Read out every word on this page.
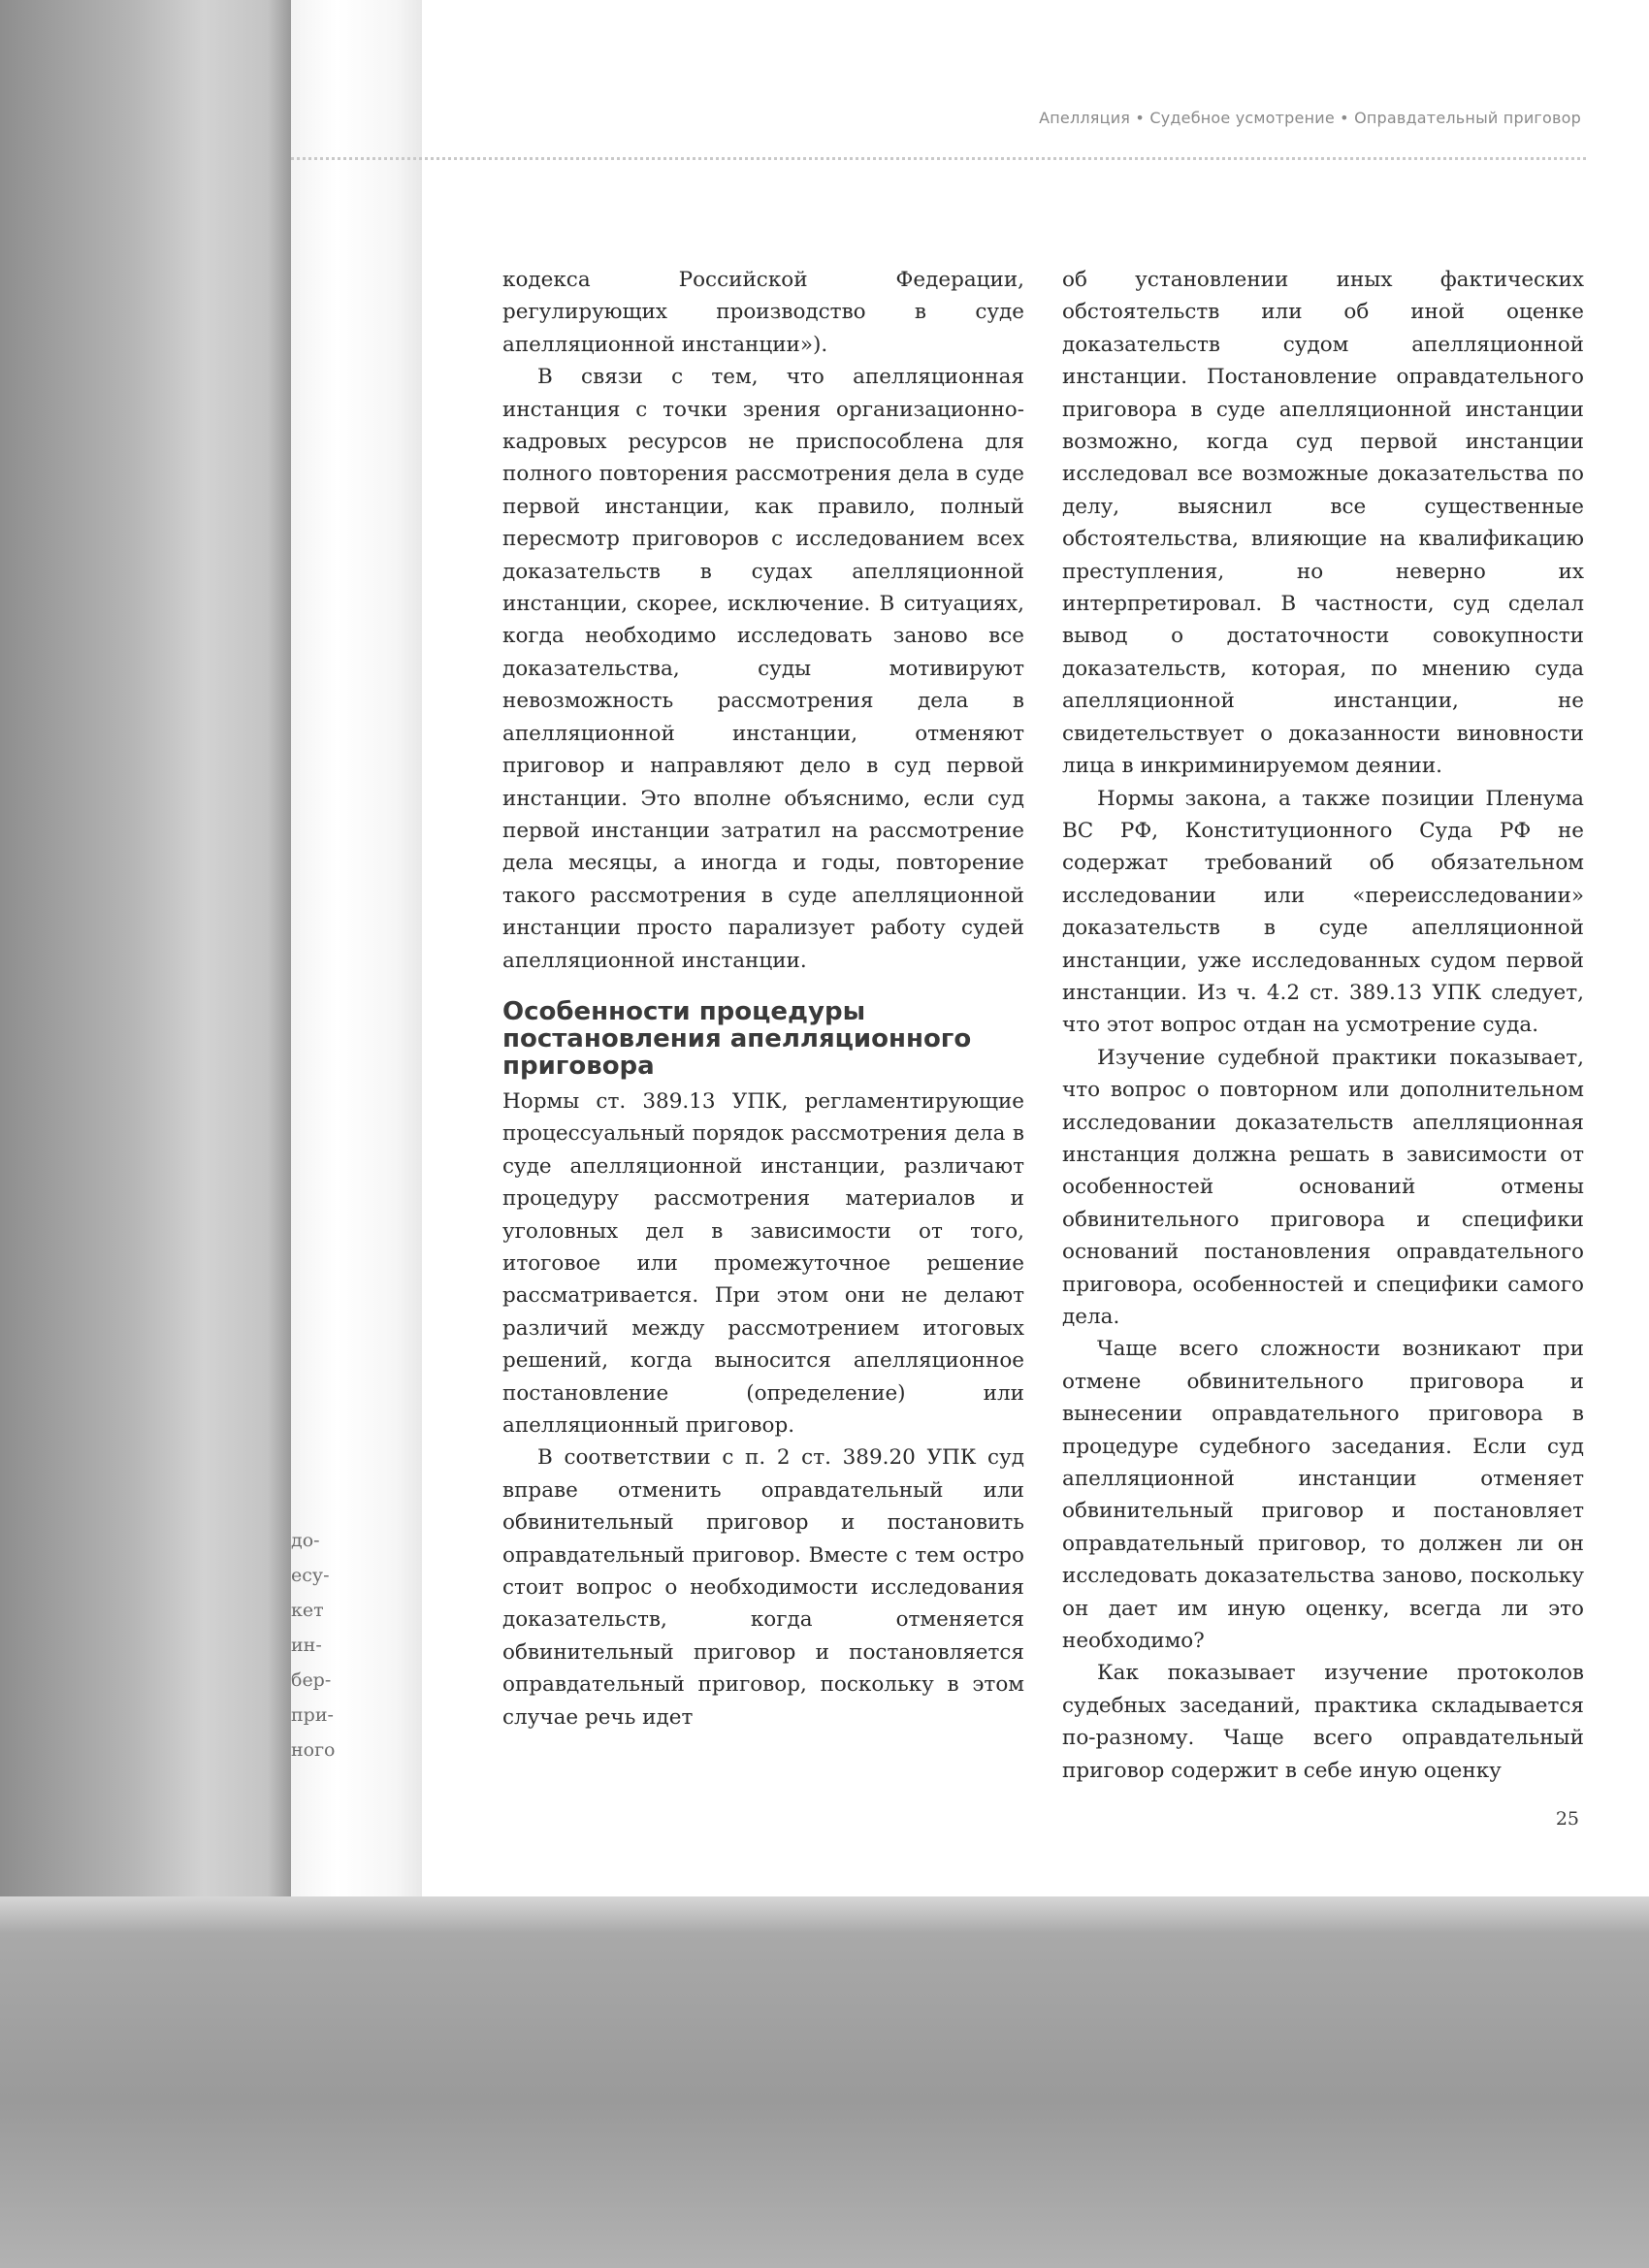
до-
есу-
кет
ин-
бер-
при-
ного
Апелляция • Судебное усмотрение • Оправдательный приговор

кодекса Российской Федерации, регулирующих производство в суде апелляционной инстанции»).

В связи с тем, что апелляционная инстанция с точки зрения организационно-кадровых ресурсов не приспособлена для полного повторения рассмотрения дела в суде первой инстанции, как правило, полный пересмотр приговоров с исследованием всех доказательств в судах апелляционной инстанции, скорее, исключение. В ситуациях, когда необходимо исследовать заново все доказательства, суды мотивируют невозможность рассмотрения дела в апелляционной инстанции, отменяют приговор и направляют дело в суд первой инстанции. Это вполне объяснимо, если суд первой инстанции затратил на рассмотрение дела месяцы, а иногда и годы, повторение такого рассмотрения в суде апелляционной инстанции просто парализует работу судей апелляционной инстанции.

Особенности процедуры постановления апелляционного приговора

Нормы ст. 389.13 УПК, регламентирующие процессуальный порядок рассмотрения дела в суде апелляционной инстанции, различают процедуру рассмотрения материалов и уголовных дел в зависимости от того, итоговое или промежуточное решение рассматривается. При этом они не делают различий между рассмотрением итоговых решений, когда выносится апелляционное постановление (определение) или апелляционный приговор.

В соответствии с п. 2 ст. 389.20 УПК суд вправе отменить оправдательный или обвинительный приговор и постановить оправдательный приговор. Вместе с тем остро стоит вопрос о необходимости исследования доказательств, когда отменяется обвинительный приговор и постановляется оправдательный приговор, поскольку в этом случае речь идет

об установлении иных фактических обстоятельств или об иной оценке доказательств судом апелляционной инстанции. Постановление оправдательного приговора в суде апелляционной инстанции возможно, когда суд первой инстанции исследовал все возможные доказательства по делу, выяснил все существенные обстоятельства, влияющие на квалификацию преступления, но неверно их интерпретировал. В частности, суд сделал вывод о достаточности совокупности доказательств, которая, по мнению суда апелляционной инстанции, не свидетельствует о доказанности виновности лица в инкриминируемом деянии.

Нормы закона, а также позиции Пленума ВС РФ, Конституционного Суда РФ не содержат требований об обязательном исследовании или «переисследовании» доказательств в суде апелляционной инстанции, уже исследованных судом первой инстанции. Из ч. 4.2 ст. 389.13 УПК следует, что этот вопрос отдан на усмотрение суда.

Изучение судебной практики показывает, что вопрос о повторном или дополнительном исследовании доказательств апелляционная инстанция должна решать в зависимости от особенностей оснований отмены обвинительного приговора и специфики оснований постановления оправдательного приговора, особенностей и специфики самого дела.

Чаще всего сложности возникают при отмене обвинительного приговора и вынесении оправдательного приговора в процедуре судебного заседания. Если суд апелляционной инстанции отменяет обвинительный приговор и постановляет оправдательный приговор, то должен ли он исследовать доказательства заново, поскольку он дает им иную оценку, всегда ли это необходимо?

Как показывает изучение протоколов судебных заседаний, практика складывается по-разному. Чаще всего оправдательный приговор содержит в себе иную оценку

25
